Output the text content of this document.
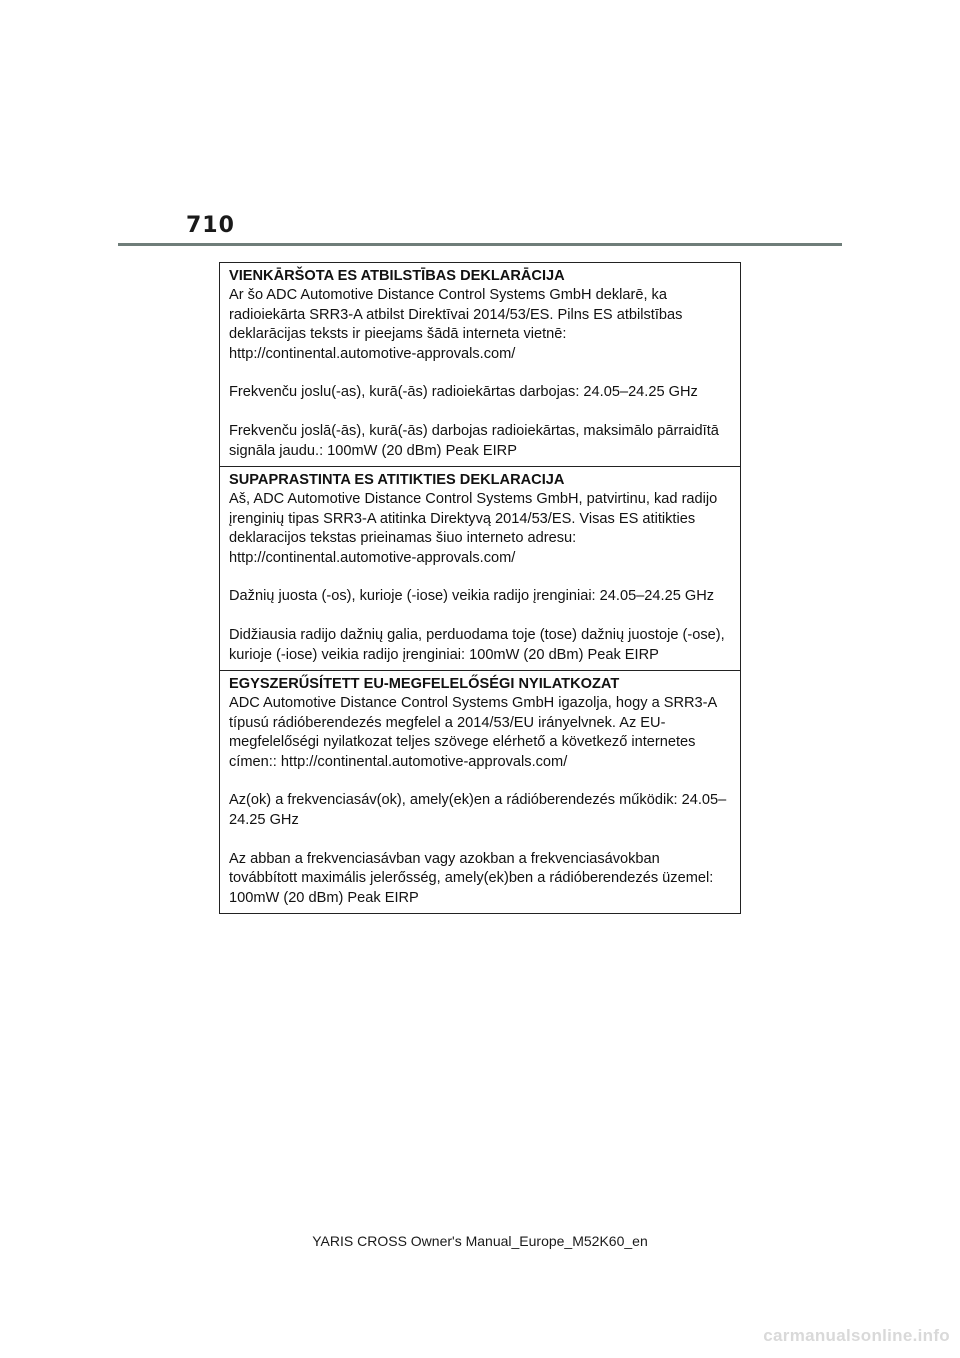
710

VIENKĀRŠOTA ES ATBILSTĪBAS DEKLARĀCIJA

Ar šo ADC Automotive Distance Control Systems GmbH deklarē, ka radioiekārta SRR3-A atbilst Direktīvai 2014/53/ES. Pilns ES atbilstības deklarācijas teksts ir pieejams šādā interneta vietnē: http://continental.automotive-approvals.com/

Frekvenču joslu(-as), kurā(-ās) radioiekārtas darbojas: 24.05–24.25 GHz

Frekvenču joslā(-ās), kurā(-ās) darbojas radioiekārtas, maksimālo pārraidītā signāla jaudu.: 100mW (20 dBm) Peak EIRP

SUPAPRASTINTA ES ATITIKTIES DEKLARACIJA

Aš, ADC Automotive Distance Control Systems GmbH, patvirtinu, kad radijo įrenginių tipas SRR3-A atitinka Direktyvą 2014/53/ES. Visas ES atitikties deklaracijos tekstas prieinamas šiuo interneto adresu: http://continental.automotive-approvals.com/

Dažnių juosta (-os), kurioje (-iose) veikia radijo įrenginiai: 24.05–24.25 GHz

Didžiausia radijo dažnių galia, perduodama toje (tose) dažnių juostoje (-ose), kurioje (-iose) veikia radijo įrenginiai: 100mW (20 dBm) Peak EIRP

EGYSZERŰSÍTETT EU-MEGFELELŐSÉGI NYILATKOZAT

ADC Automotive Distance Control Systems GmbH igazolja, hogy a SRR3-A típusú rádióberendezés megfelel a 2014/53/EU irányelvnek. Az EU-megfelelőségi nyilatkozat teljes szövege elérhető a következő internetes címen:: http://continental.automotive-approvals.com/

Az(ok) a frekvenciasáv(ok), amely(ek)en a rádióberendezés működik: 24.05–24.25 GHz

Az abban a frekvenciasávban vagy azokban a frekvenciasávokban továbbított maximális jelerősség, amely(ek)ben a rádióberendezés üzemel: 100mW (20 dBm) Peak EIRP

YARIS CROSS Owner's Manual_Europe_M52K60_en
carmanualsonline.info
